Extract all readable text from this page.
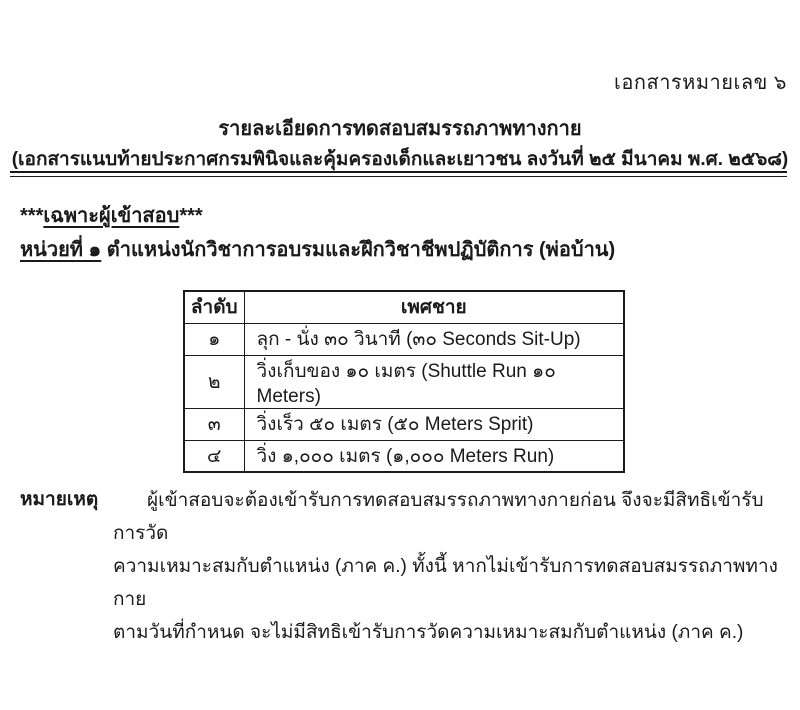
เอกสารหมายเลข ๖
รายละเอียดการทดสอบสมรรถภาพทางกาย
(เอกสารแนบท้ายประกาศกรมพินิจและคุ้มครองเด็กและเยาวชน ลงวันที่ ๒๕ มีนาคม พ.ศ. ๒๕๖๘)
***เฉพาะผู้เข้าสอบ***
หน่วยที่ ๑ ตำแหน่งนักวิชาการอบรมและฝึกวิชาชีพปฏิบัติการ (พ่อบ้าน)
ลำดับ	เพศชาย
๑	ลุก - นั่ง ๓๐ วินาที (๓๐ Seconds Sit-Up)
๒	วิ่งเก็บของ ๑๐ เมตร (Shuttle Run ๑๐ Meters)
๓	วิ่งเร็ว ๕๐ เมตร (๕๐ Meters Sprit)
๔	วิ่ง ๑,๐๐๐ เมตร (๑,๐๐๐ Meters Run)
หมายเหตุ	ผู้เข้าสอบจะต้องเข้ารับการทดสอบสมรรถภาพทางกายก่อน จึงจะมีสิทธิเข้ารับการวัด
ความเหมาะสมกับตำแหน่ง (ภาค ค.) ทั้งนี้ หากไม่เข้ารับการทดสอบสมรรถภาพทางกาย
ตามวันที่กำหนด จะไม่มีสิทธิเข้ารับการวัดความเหมาะสมกับตำแหน่ง (ภาค ค.)
